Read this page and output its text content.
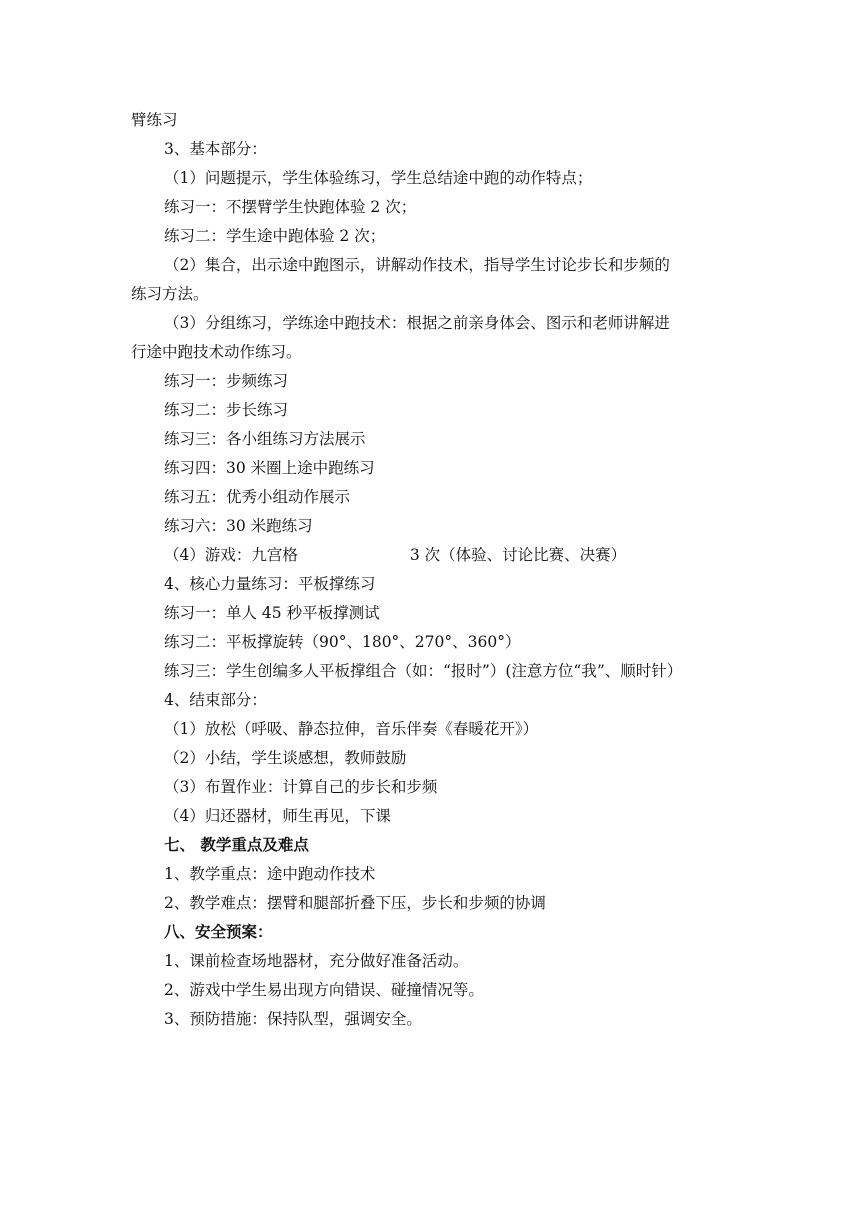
臂练习

3、基本部分：

（1）问题提示，学生体验练习，学生总结途中跑的动作特点；

练习一：不摆臂学生快跑体验 2 次；

练习二：学生途中跑体验 2 次；

（2）集合，出示途中跑图示，讲解动作技术，指导学生讨论步长和步频的

练习方法。

（3）分组练习，学练途中跑技术：根据之前亲身体会、图示和老师讲解进

行途中跑技术动作练习。

练习一：步频练习

练习二：步长练习

练习三：各小组练习方法展示

练习四：30 米圈上途中跑练习

练习五：优秀小组动作展示

练习六：30 米跑练习

（4）游戏：九宫格	3 次（体验、讨论比赛、决赛）

4、核心力量练习：平板撑练习

练习一：单人 45 秒平板撑测试

练习二：平板撑旋转（90°、180°、270°、360°）

练习三：学生创编多人平板撑组合（如：“报时”）(注意方位“我”、顺时针）

4、结束部分：

（1）放松（呼吸、静态拉伸，音乐伴奏《春暖花开》）

（2）小结，学生谈感想，教师鼓励

（3）布置作业：计算自己的步长和步频

（4）归还器材，师生再见，下课

七、 教学重点及难点

1、教学重点：途中跑动作技术

2、教学难点：摆臂和腿部折叠下压，步长和步频的协调

八、安全预案：

1、课前检查场地器材，充分做好准备活动。

2、游戏中学生易出现方向错误、碰撞情况等。

3、预防措施：保持队型，强调安全。
